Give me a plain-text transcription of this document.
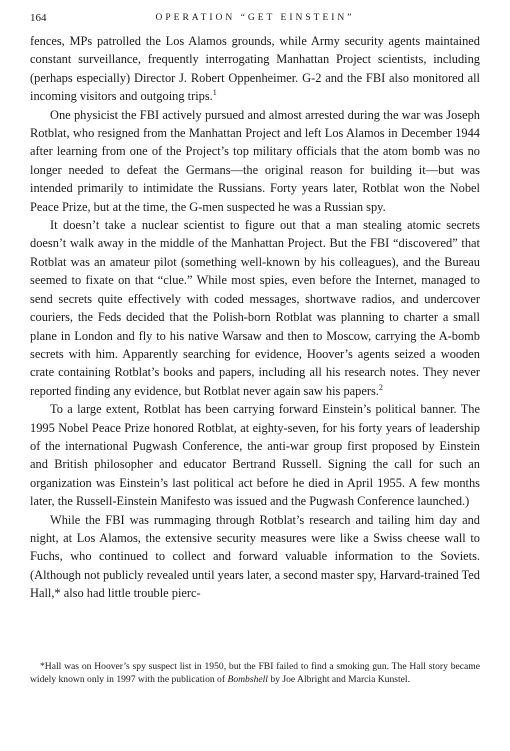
164	OPERATION “GET EINSTEIN”

fences, MPs patrolled the Los Alamos grounds, while Army security agents maintained constant surveillance, frequently interrogating Manhattan Project scientists, including (perhaps especially) Director J. Robert Oppenheimer. G-2 and the FBI also monitored all incoming visitors and outgoing trips.$^1$

One physicist the FBI actively pursued and almost arrested during the war was Joseph Rotblat, who resigned from the Manhattan Project and left Los Alamos in December 1944 after learning from one of the Project’s top military officials that the atom bomb was no longer needed to defeat the Germans—the original reason for building it—but was intended primarily to intimidate the Russians. Forty years later, Rotblat won the Nobel Peace Prize, but at the time, the G-men suspected he was a Russian spy.

It doesn’t take a nuclear scientist to figure out that a man stealing atomic secrets doesn’t walk away in the middle of the Manhattan Project. But the FBI “discovered” that Rotblat was an amateur pilot (something well-known by his colleagues), and the Bureau seemed to fixate on that “clue.” While most spies, even before the Internet, managed to send secrets quite effectively with coded messages, shortwave radios, and undercover couriers, the Feds decided that the Polish-born Rotblat was planning to charter a small plane in London and fly to his native Warsaw and then to Moscow, carrying the A-bomb secrets with him. Apparently searching for evidence, Hoover’s agents seized a wooden crate containing Rotblat’s books and papers, including all his research notes. They never reported finding any evidence, but Rotblat never again saw his papers.$^2$

To a large extent, Rotblat has been carrying forward Einstein’s political banner. The 1995 Nobel Peace Prize honored Rotblat, at eighty-seven, for his forty years of leadership of the international Pugwash Conference, the anti-war group first proposed by Einstein and British philosopher and educator Bertrand Russell. Signing the call for such an organization was Einstein’s last political act before he died in April 1955. A few months later, the Russell-Einstein Manifesto was issued and the Pugwash Conference launched.)

While the FBI was rummaging through Rotblat’s research and tailing him day and night, at Los Alamos, the extensive security measures were like a Swiss cheese wall to Fuchs, who continued to collect and forward valuable information to the Soviets. (Although not publicly revealed until years later, a second master spy, Harvard-trained Ted Hall,* also had little trouble pierc-

*Hall was on Hoover’s spy suspect list in 1950, but the FBI failed to find a smoking gun. The Hall story became widely known only in 1997 with the publication of Bombshell by Joe Albright and Marcia Kunstel.
